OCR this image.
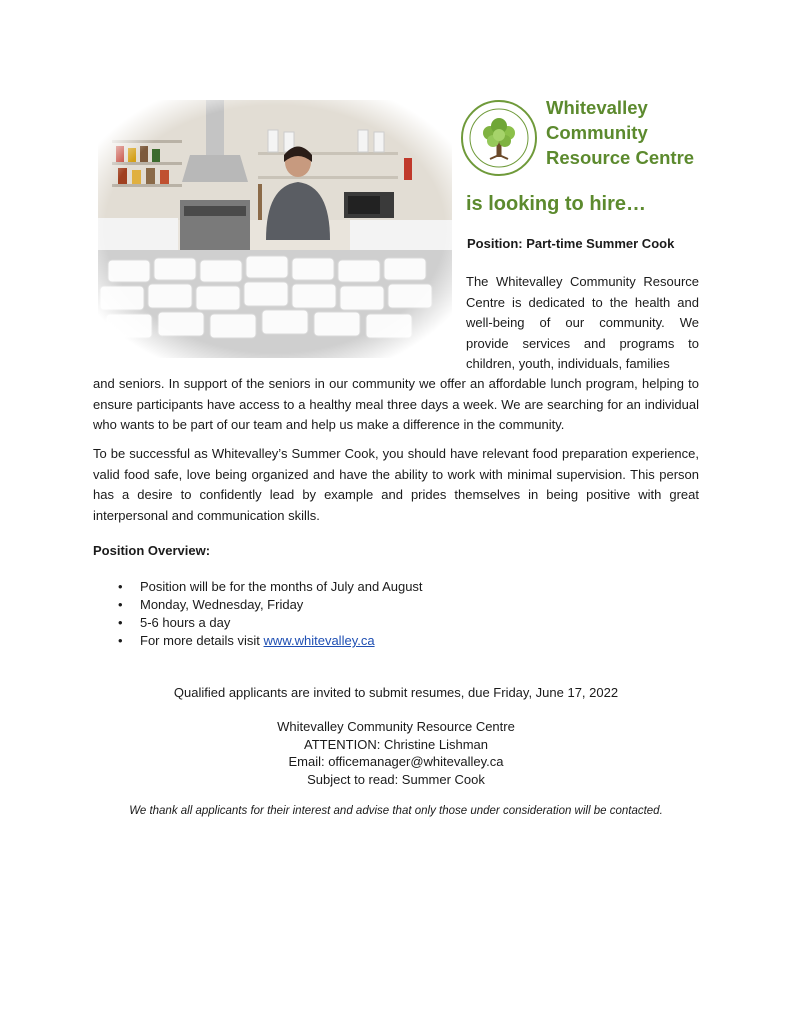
Whitevalley
Community
Resource Centre
is looking to hire…
Position: Part-time Summer Cook
The Whitevalley Community Resource Centre is dedicated to the health and well-being of our community. We provide services and programs to children, youth, individuals, families
and seniors. In support of the seniors in our community we offer an affordable lunch program, helping to ensure participants have access to a healthy meal three days a week. We are searching for an individual who wants to be part of our team and help us make a difference in the community.
To be successful as Whitevalley’s Summer Cook, you should have relevant food preparation experience, valid food safe, love being organized and have the ability to work with minimal supervision. This person has a desire to confidently lead by example and prides themselves in being positive with great interpersonal and communication skills.
Position Overview:
• Position will be for the months of July and August
• Monday, Wednesday, Friday
• 5-6 hours a day
• For more details visit www.whitevalley.ca
Qualified applicants are invited to submit resumes, due Friday, June 17, 2022
Whitevalley Community Resource Centre
ATTENTION: Christine Lishman
Email: officemanager@whitevalley.ca
Subject to read: Summer Cook
We thank all applicants for their interest and advise that only those under consideration will be contacted.
